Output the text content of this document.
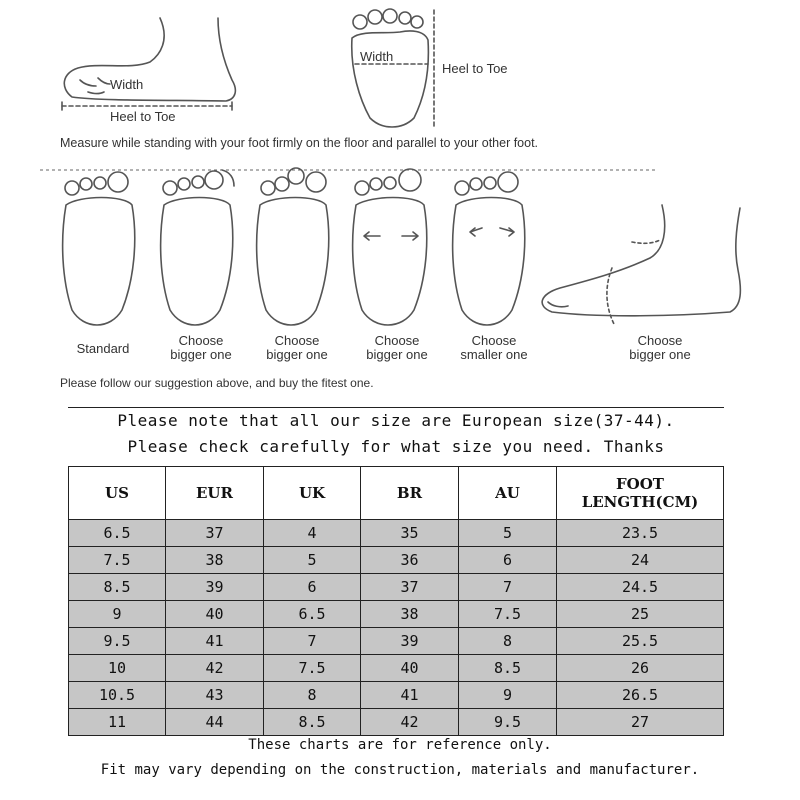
Width
Heel to Toe
Width
Heel to Toe
Measure while standing with your foot firmly on the floor and parallel to your other foot.
Standard
Choose
bigger one
Choose
bigger one
Choose
bigger one
Choose
smaller one
Choose
bigger one
Please follow our suggestion above, and buy the fitest one.
Please note that all our size are European size(37-44).
Please check carefully for what size you need. Thanks
US	EUR	UK	BR	AU	FOOT LENGTH(CM)
6.5	37	4	35	5	23.5
7.5	38	5	36	6	24
8.5	39	6	37	7	24.5
9	40	6.5	38	7.5	25
9.5	41	7	39	8	25.5
10	42	7.5	40	8.5	26
10.5	43	8	41	9	26.5
11	44	8.5	42	9.5	27
These charts are for reference only.
Fit may vary depending on the construction, materials and manufacturer.
